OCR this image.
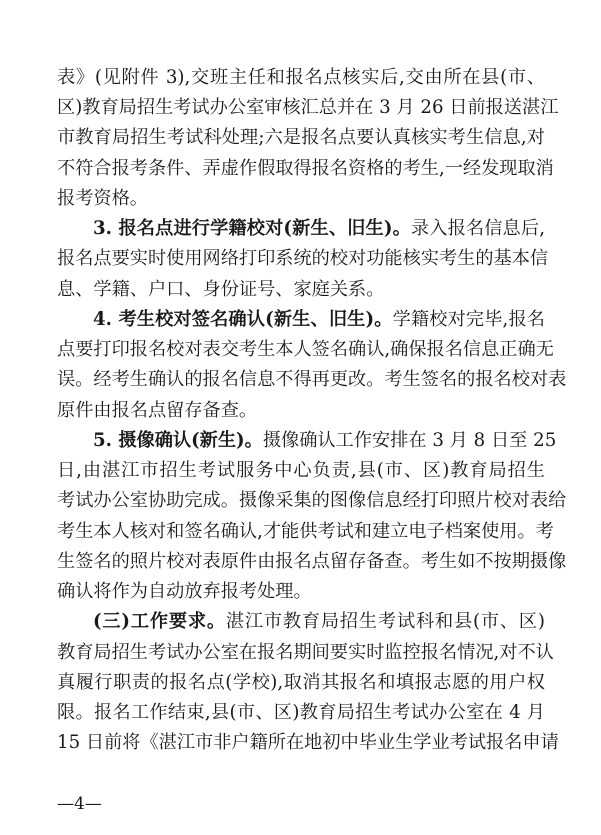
表》(见附件 3),交班主任和报名点核实后,交由所在县(市、
区)教育局招生考试办公室审核汇总并在 3 月 26 日前报送湛江
市教育局招生考试科处理;六是报名点要认真核实考生信息,对
不符合报考条件、弄虚作假取得报名资格的考生,一经发现取消
报考资格。
3. 报名点进行学籍校对(新生、旧生)。录入报名信息后,
报名点要实时使用网络打印系统的校对功能核实考生的基本信
息、学籍、户口、身份证号、家庭关系。
4. 考生校对签名确认(新生、旧生)。学籍校对完毕,报名
点要打印报名校对表交考生本人签名确认,确保报名信息正确无
误。经考生确认的报名信息不得再更改。考生签名的报名校对表
原件由报名点留存备查。
5. 摄像确认(新生)。摄像确认工作安排在 3 月 8 日至 25
日,由湛江市招生考试服务中心负责,县(市、区)教育局招生
考试办公室协助完成。摄像采集的图像信息经打印照片校对表给
考生本人核对和签名确认,才能供考试和建立电子档案使用。考
生签名的照片校对表原件由报名点留存备查。考生如不按期摄像
确认将作为自动放弃报考处理。
(三)工作要求。湛江市教育局招生考试科和县(市、区)
教育局招生考试办公室在报名期间要实时监控报名情况,对不认
真履行职责的报名点(学校),取消其报名和填报志愿的用户权
限。报名工作结束,县(市、区)教育局招生考试办公室在 4 月
15 日前将《湛江市非户籍所在地初中毕业生学业考试报名申请
—4—
